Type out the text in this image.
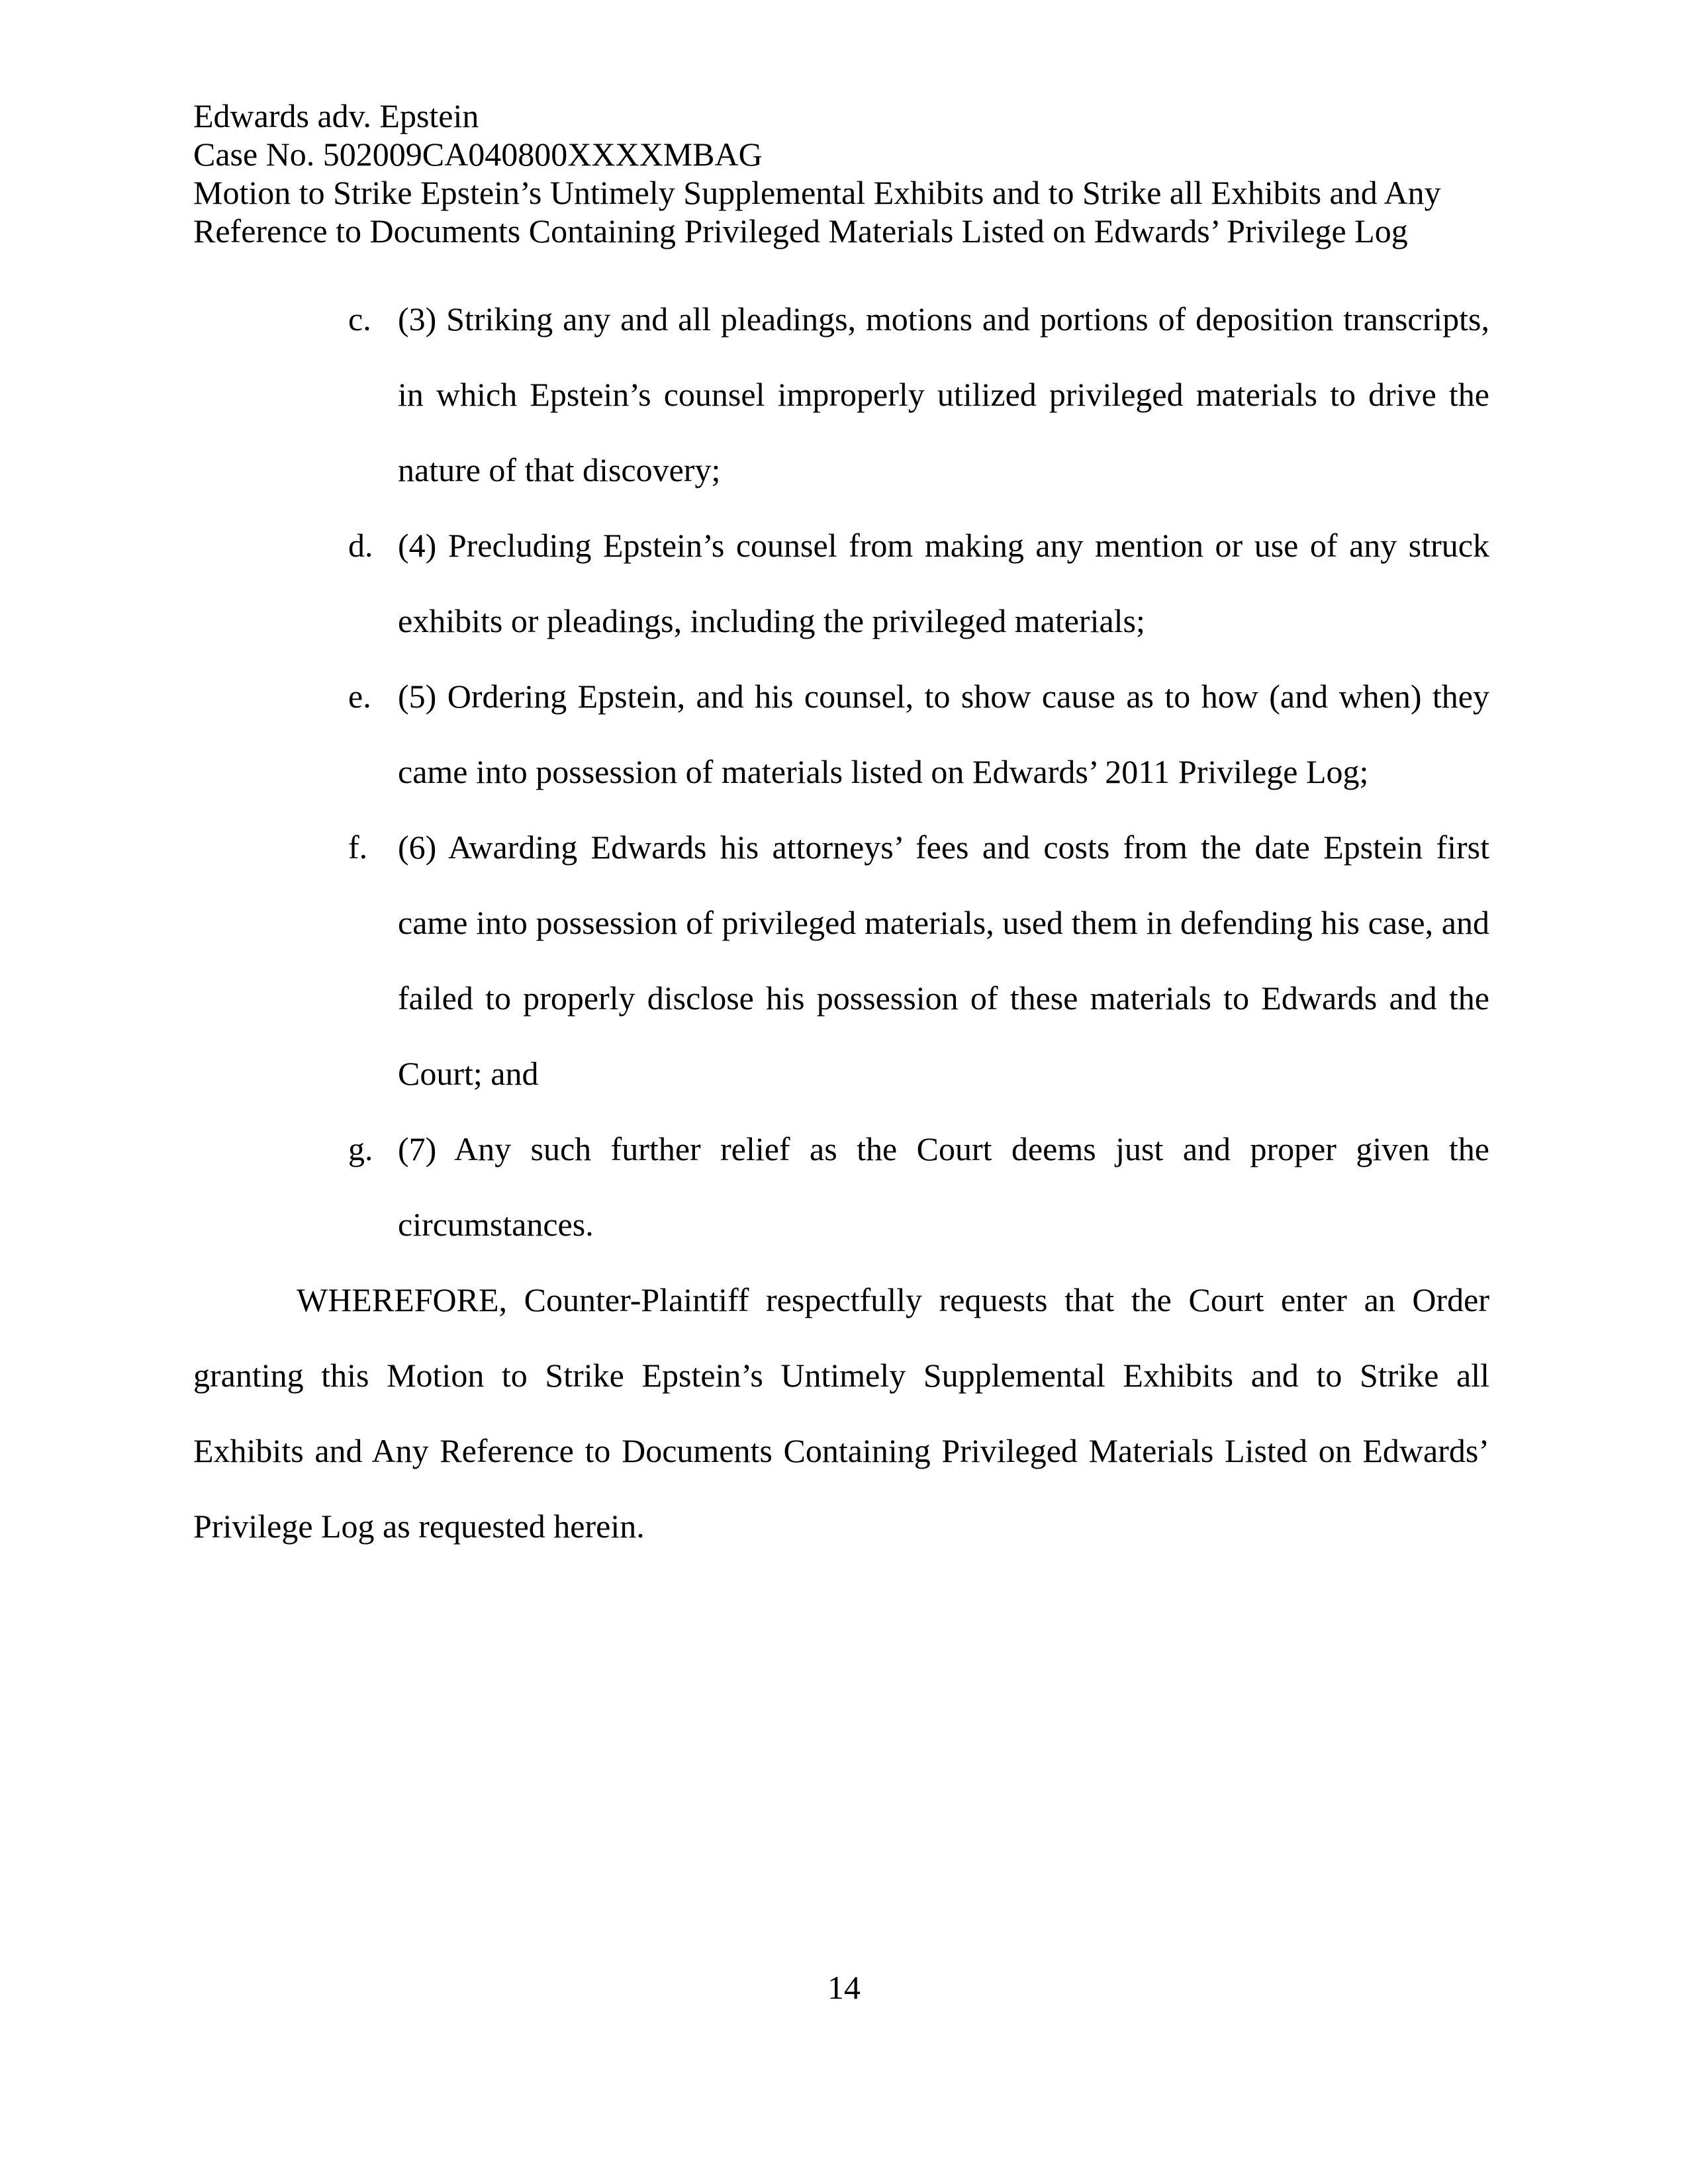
Edwards adv. Epstein
Case No. 502009CA040800XXXXMBAG
Motion to Strike Epstein’s Untimely Supplemental Exhibits and to Strike all Exhibits and Any Reference to Documents Containing Privileged Materials Listed on Edwards’ Privilege Log
c. (3) Striking any and all pleadings, motions and portions of deposition transcripts, in which Epstein’s counsel improperly utilized privileged materials to drive the nature of that discovery;
d. (4) Precluding Epstein’s counsel from making any mention or use of any struck exhibits or pleadings, including the privileged materials;
e. (5) Ordering Epstein, and his counsel, to show cause as to how (and when) they came into possession of materials listed on Edwards’ 2011 Privilege Log;
f. (6) Awarding Edwards his attorneys’ fees and costs from the date Epstein first came into possession of privileged materials, used them in defending his case, and failed to properly disclose his possession of these materials to Edwards and the Court; and
g. (7) Any such further relief as the Court deems just and proper given the circumstances.

WHEREFORE, Counter-Plaintiff respectfully requests that the Court enter an Order granting this Motion to Strike Epstein’s Untimely Supplemental Exhibits and to Strike all Exhibits and Any Reference to Documents Containing Privileged Materials Listed on Edwards’ Privilege Log as requested herein.

14
